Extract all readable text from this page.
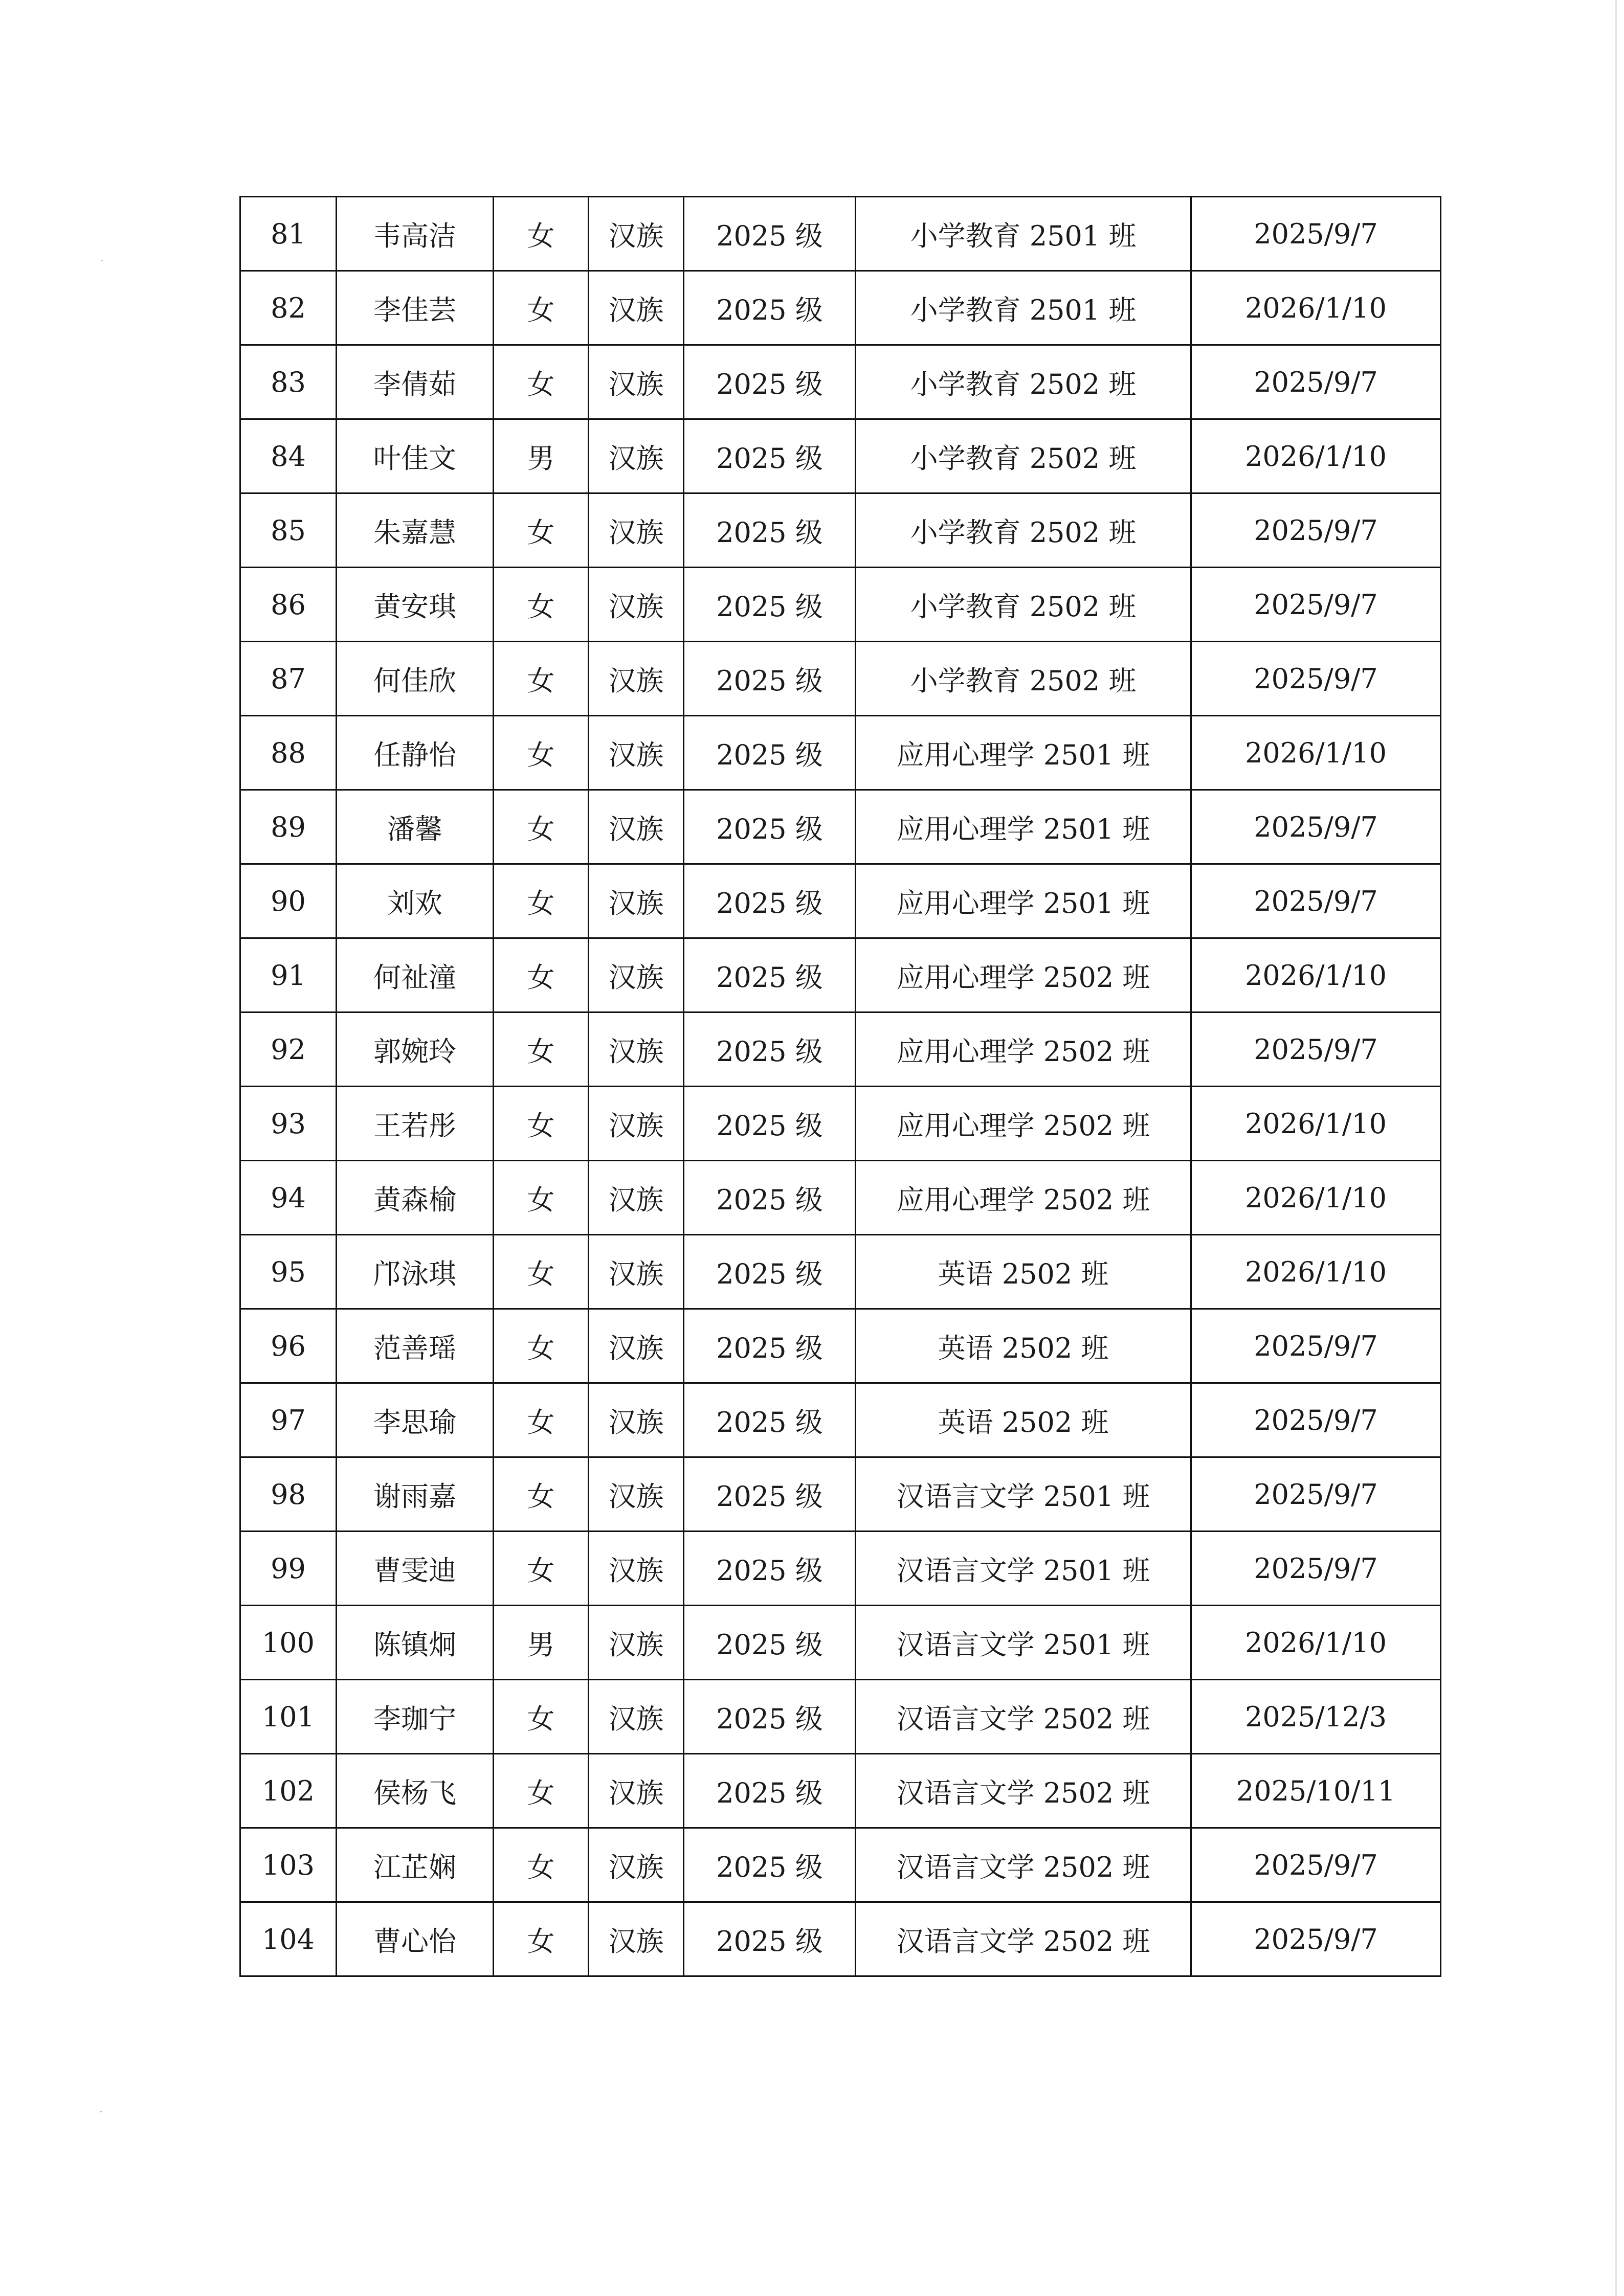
81	韦高洁	女	汉族	2025 级	小学教育 2501 班	2025/9/7
82	李佳芸	女	汉族	2025 级	小学教育 2501 班	2026/1/10
83	李倩茹	女	汉族	2025 级	小学教育 2502 班	2025/9/7
84	叶佳文	男	汉族	2025 级	小学教育 2502 班	2026/1/10
85	朱嘉慧	女	汉族	2025 级	小学教育 2502 班	2025/9/7
86	黄安琪	女	汉族	2025 级	小学教育 2502 班	2025/9/7
87	何佳欣	女	汉族	2025 级	小学教育 2502 班	2025/9/7
88	任静怡	女	汉族	2025 级	应用心理学 2501 班	2026/1/10
89	潘馨	女	汉族	2025 级	应用心理学 2501 班	2025/9/7
90	刘欢	女	汉族	2025 级	应用心理学 2501 班	2025/9/7
91	何祉潼	女	汉族	2025 级	应用心理学 2502 班	2026/1/10
92	郭婉玲	女	汉族	2025 级	应用心理学 2502 班	2025/9/7
93	王若彤	女	汉族	2025 级	应用心理学 2502 班	2026/1/10
94	黄森榆	女	汉族	2025 级	应用心理学 2502 班	2026/1/10
95	邝泳琪	女	汉族	2025 级	英语 2502 班	2026/1/10
96	范善瑶	女	汉族	2025 级	英语 2502 班	2025/9/7
97	李思瑜	女	汉族	2025 级	英语 2502 班	2025/9/7
98	谢雨嘉	女	汉族	2025 级	汉语言文学 2501 班	2025/9/7
99	曹雯迪	女	汉族	2025 级	汉语言文学 2501 班	2025/9/7
100	陈镇炯	男	汉族	2025 级	汉语言文学 2501 班	2026/1/10
101	李珈宁	女	汉族	2025 级	汉语言文学 2502 班	2025/12/3
102	侯杨飞	女	汉族	2025 级	汉语言文学 2502 班	2025/10/11
103	江芷娴	女	汉族	2025 级	汉语言文学 2502 班	2025/9/7
104	曹心怡	女	汉族	2025 级	汉语言文学 2502 班	2025/9/7
